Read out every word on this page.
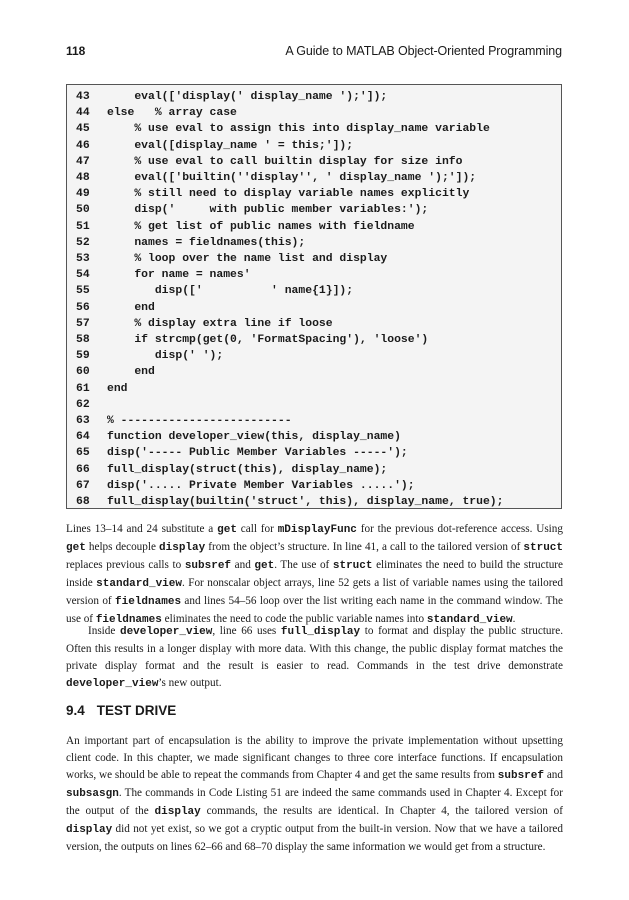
118	A Guide to MATLAB Object-Oriented Programming
43	eval(['display(' display_name ');']);
44	else   % array case
45	% use eval to assign this into display_name variable
46	eval([display_name ' = this;']);
47	% use eval to call builtin display for size info
48	eval(['builtin(''display'', ' display_name ');']);
49	% still need to display variable names explicitly
50	disp('     with public member variables:');
51	% get list of public names with fieldname
52	names = fieldnames(this);
53	% loop over the name list and display
54	for name = names'
55	disp(['          ' name{1}]);
56	end
57	% display extra line if loose
58	if strcmp(get(0, 'FormatSpacing'), 'loose')
59	disp(' ');
60	end
61	end
62
63	% -------------------------
64	function developer_view(this, display_name)
65	disp('----- Public Member Variables -----');
66	full_display(struct(this), display_name);
67	disp('..... Private Member Variables .....');
68	full_display(builtin('struct', this), display_name, true);
Lines 13–14 and 24 substitute a get call for mDisplayFunc for the previous dot-reference access. Using get helps decouple display from the object’s structure. In line 41, a call to the tailored version of struct replaces previous calls to subsref and get. The use of struct eliminates the need to build the structure inside standard_view. For nonscalar object arrays, line 52 gets a list of variable names using the tailored version of fieldnames and lines 54–56 loop over the list writing each name in the command window. The use of fieldnames eliminates the need to code the public variable names into standard_view.
Inside developer_view, line 66 uses full_display to format and display the public structure. Often this results in a longer display with more data. With this change, the public display format matches the private display format and the result is easier to read. Commands in the test drive demonstrate developer_view’s new output.
9.4 TEST DRIVE
An important part of encapsulation is the ability to improve the private implementation without upsetting client code. In this chapter, we made significant changes to three core interface functions. If encapsulation works, we should be able to repeat the commands from Chapter 4 and get the same results from subsref and subsasgn. The commands in Code Listing 51 are indeed the same commands used in Chapter 4. Except for the output of the display commands, the results are identical. In Chapter 4, the tailored version of display did not yet exist, so we got a cryptic output from the built-in version. Now that we have a tailored version, the outputs on lines 62–66 and 68–70 display the same information we would get from a structure.
